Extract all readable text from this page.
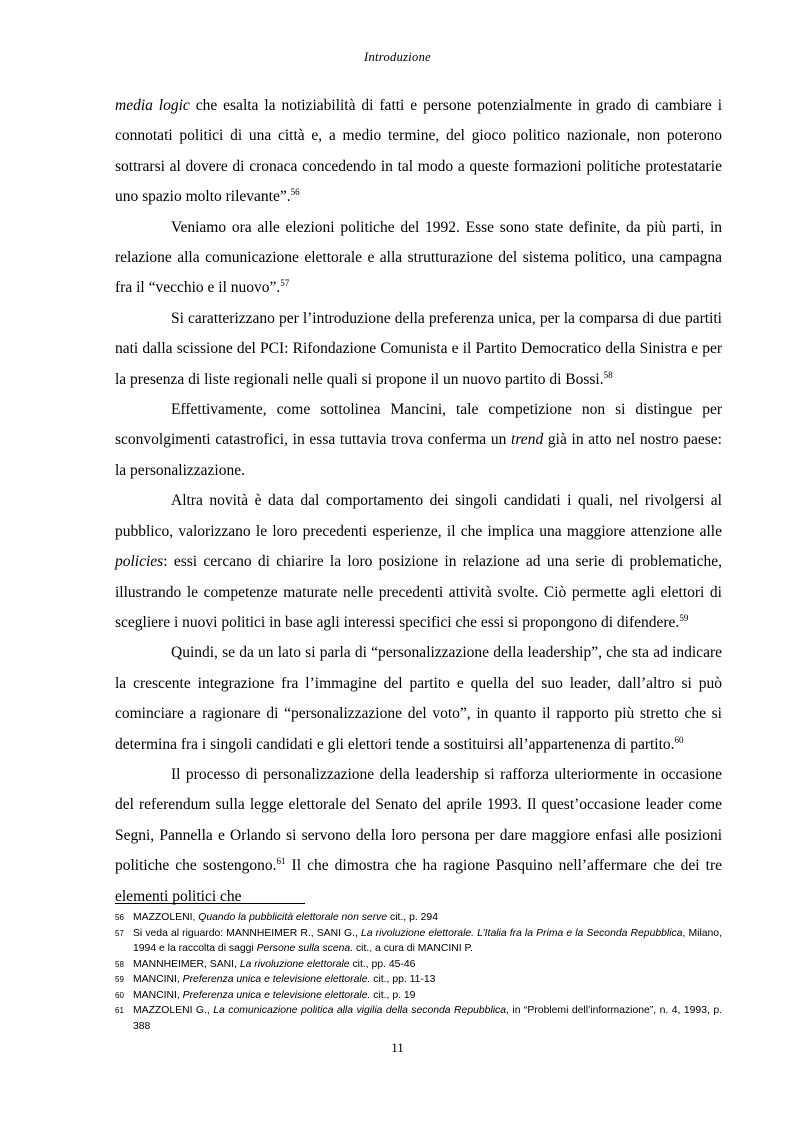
Introduzione

media logic che esalta la notiziabilità di fatti e persone potenzialmente in grado di cambiare i connotati politici di una città e, a medio termine, del gioco politico nazionale, non poterono sottrarsi al dovere di cronaca concedendo in tal modo a queste formazioni politiche protestatarie uno spazio molto rilevante”.$^{56}$

Veniamo ora alle elezioni politiche del 1992. Esse sono state definite, da più parti, in relazione alla comunicazione elettorale e alla strutturazione del sistema politico, una campagna fra il “vecchio e il nuovo”.$^{57}$

Si caratterizzano per l’introduzione della preferenza unica, per la comparsa di due partiti nati dalla scissione del PCI: Rifondazione Comunista e il Partito Democratico della Sinistra e per la presenza di liste regionali nelle quali si propone il un nuovo partito di Bossi.$^{58}$

Effettivamente, come sottolinea Mancini, tale competizione non si distingue per sconvolgimenti catastrofici, in essa tuttavia trova conferma un trend già in atto nel nostro paese: la personalizzazione.

Altra novità è data dal comportamento dei singoli candidati i quali, nel rivolgersi al pubblico, valorizzano le loro precedenti esperienze, il che implica una maggiore attenzione alle policies: essi cercano di chiarire la loro posizione in relazione ad una serie di problematiche, illustrando le competenze maturate nelle precedenti attività svolte. Ciò permette agli elettori di scegliere i nuovi politici in base agli interessi specifici che essi si propongono di difendere.$^{59}$

Quindi, se da un lato si parla di “personalizzazione della leadership”, che sta ad indicare la crescente integrazione fra l’immagine del partito e quella del suo leader, dall’altro si può cominciare a ragionare di “personalizzazione del voto”, in quanto il rapporto più stretto che si determina fra i singoli candidati e gli elettori tende a sostituirsi all’appartenenza di partito.$^{60}$

Il processo di personalizzazione della leadership si rafforza ulteriormente in occasione del referendum sulla legge elettorale del Senato del aprile 1993. Il quest’occasione leader come Segni, Pannella e Orlando si servono della loro persona per dare maggiore enfasi alle posizioni politiche che sostengono.$^{61}$ Il che dimostra che ha ragione Pasquino nell’affermare che dei tre elementi politici che

56 MAZZOLENI, Quando la pubblicità elettorale non serve cit., p. 294
57 Si veda al riguardo: MANNHEIMER R., SANI G., La rivoluzione elettorale. L’Italia fra la Prima e la Seconda Repubblica, Milano, 1994 e la raccolta di saggi Persone sulla scena. cit., a cura di MANCINI P.
58 MANNHEIMER, SANI, La rivoluzione elettorale cit., pp. 45-46
59 MANCINI, Preferenza unica e televisione elettorale. cit., pp. 11-13
60 MANCINI, Preferenza unica e televisione elettorale. cit., p. 19
61 MAZZOLENI G., La comunicazione politica alla vigilia della seconda Repubblica, in “Problemi dell’informazione”, n. 4, 1993, p. 388
11
